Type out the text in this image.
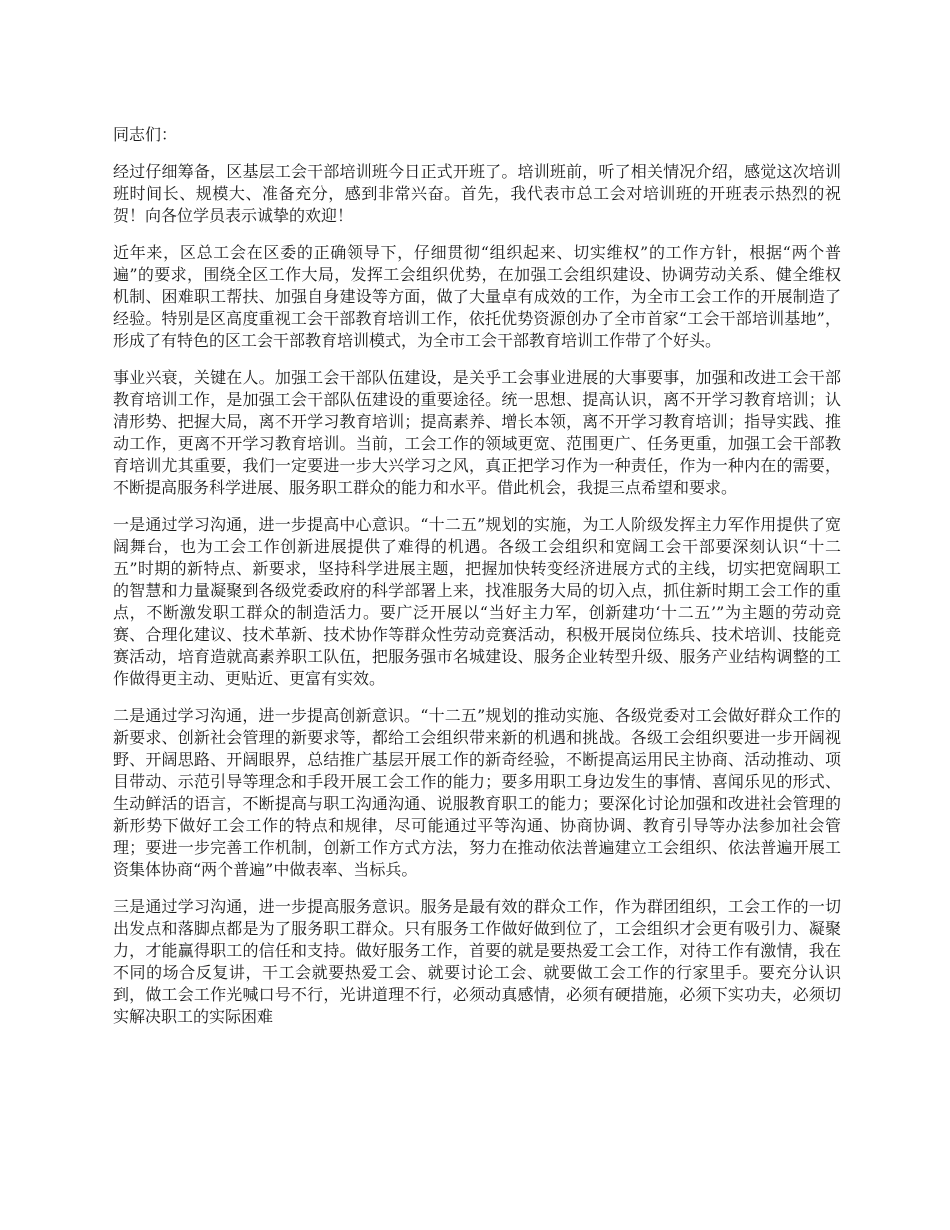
同志们：

经过仔细筹备，区基层工会干部培训班今日正式开班了。培训班前，听了相关情况介绍，感觉这次培训班时间长、规模大、准备充分，感到非常兴奋。首先，我代表市总工会对培训班的开班表示热烈的祝贺！向各位学员表示诚挚的欢迎！

近年来，区总工会在区委的正确领导下，仔细贯彻“组织起来、切实维权”的工作方针，根据“两个普遍”的要求，围绕全区工作大局，发挥工会组织优势，在加强工会组织建设、协调劳动关系、健全维权机制、困难职工帮扶、加强自身建设等方面，做了大量卓有成效的工作，为全市工会工作的开展制造了经验。特别是区高度重视工会干部教育培训工作，依托优势资源创办了全市首家“工会干部培训基地”，形成了有特色的区工会干部教育培训模式，为全市工会干部教育培训工作带了个好头。

事业兴衰，关键在人。加强工会干部队伍建设，是关乎工会事业进展的大事要事，加强和改进工会干部教育培训工作，是加强工会干部队伍建设的重要途径。统一思想、提高认识，离不开学习教育培训；认清形势、把握大局，离不开学习教育培训；提高素养、增长本领，离不开学习教育培训；指导实践、推动工作，更离不开学习教育培训。当前，工会工作的领域更宽、范围更广、任务更重，加强工会干部教育培训尤其重要，我们一定要进一步大兴学习之风，真正把学习作为一种责任，作为一种内在的需要，不断提高服务科学进展、服务职工群众的能力和水平。借此机会，我提三点希望和要求。

一是通过学习沟通，进一步提高中心意识。“十二五”规划的实施，为工人阶级发挥主力军作用提供了宽阔舞台，也为工会工作创新进展提供了难得的机遇。各级工会组织和宽阔工会干部要深刻认识“十二五”时期的新特点、新要求，坚持科学进展主题，把握加快转变经济进展方式的主线，切实把宽阔职工的智慧和力量凝聚到各级党委政府的科学部署上来，找准服务大局的切入点，抓住新时期工会工作的重点，不断激发职工群众的制造活力。要广泛开展以“当好主力军，创新建功‘十二五’”为主题的劳动竞赛、合理化建议、技术革新、技术协作等群众性劳动竞赛活动，积极开展岗位练兵、技术培训、技能竞赛活动，培育造就高素养职工队伍，把服务强市名城建设、服务企业转型升级、服务产业结构调整的工作做得更主动、更贴近、更富有实效。

二是通过学习沟通，进一步提高创新意识。“十二五”规划的推动实施、各级党委对工会做好群众工作的新要求、创新社会管理的新要求等，都给工会组织带来新的机遇和挑战。各级工会组织要进一步开阔视野、开阔思路、开阔眼界，总结推广基层开展工作的新奇经验，不断提高运用民主协商、活动推动、项目带动、示范引导等理念和手段开展工会工作的能力；要多用职工身边发生的事情、喜闻乐见的形式、生动鲜活的语言，不断提高与职工沟通沟通、说服教育职工的能力；要深化讨论加强和改进社会管理的新形势下做好工会工作的特点和规律，尽可能通过平等沟通、协商协调、教育引导等办法参加社会管理；要进一步完善工作机制，创新工作方式方法，努力在推动依法普遍建立工会组织、依法普遍开展工资集体协商“两个普遍”中做表率、当标兵。

三是通过学习沟通，进一步提高服务意识。服务是最有效的群众工作，作为群团组织，工会工作的一切出发点和落脚点都是为了服务职工群众。只有服务工作做好做到位了，工会组织才会更有吸引力、凝聚力，才能赢得职工的信任和支持。做好服务工作，首要的就是要热爱工会工作，对待工作有激情，我在不同的场合反复讲，干工会就要热爱工会、就要讨论工会、就要做工会工作的行家里手。要充分认识到，做工会工作光喊口号不行，光讲道理不行，必须动真感情，必须有硬措施，必须下实功夫，必须切实解决职工的实际困难
